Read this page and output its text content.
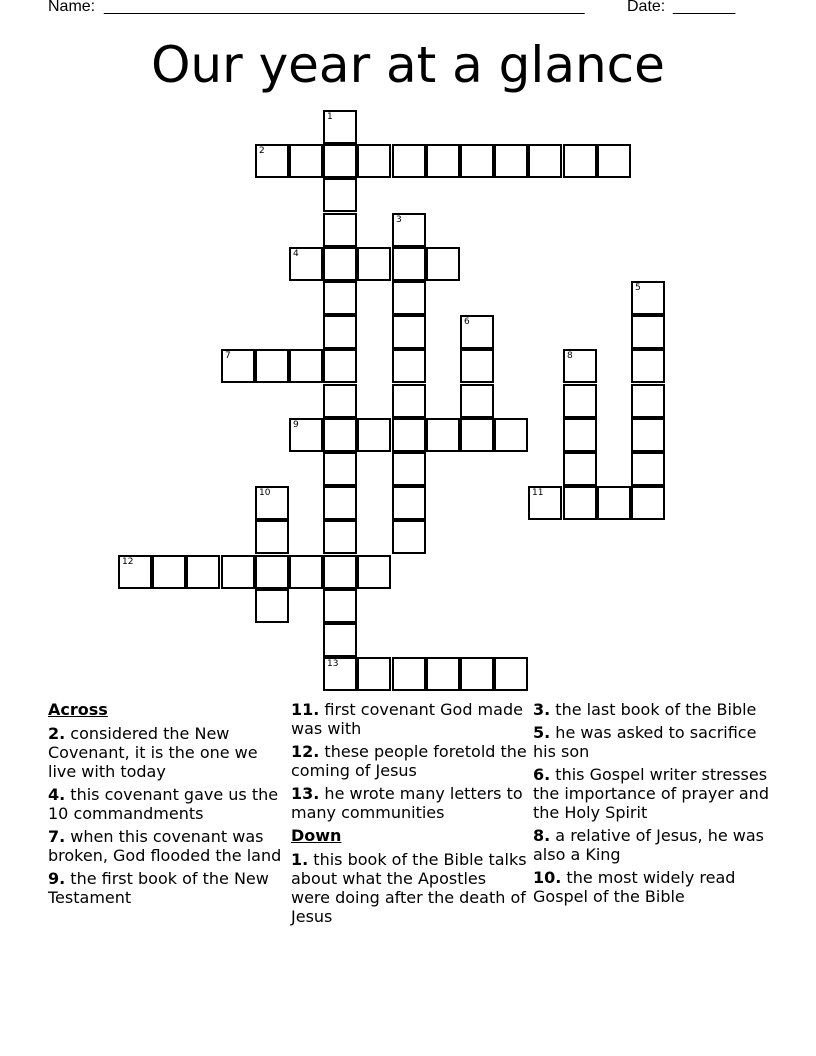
Name: ______________________________________________________	Date: _______
Our year at a glance
1
13
2
3
4
5
6
7	8
9
10	11
12
Across
2. considered the New Covenant, it is the one we live with today
4. this covenant gave us the 10 commandments
7. when this covenant was broken, God flooded the land
9. the first book of the New Testament
11. first covenant God made was with
12. these people foretold the coming of Jesus
13. he wrote many letters to many communities
Down
1. this book of the Bible talks about what the Apostles were doing after the death of Jesus
3. the last book of the Bible
5. he was asked to sacrifice his son
6. this Gospel writer stresses the importance of prayer and the Holy Spirit
8. a relative of Jesus, he was also a King
10. the most widely read Gospel of the Bible
